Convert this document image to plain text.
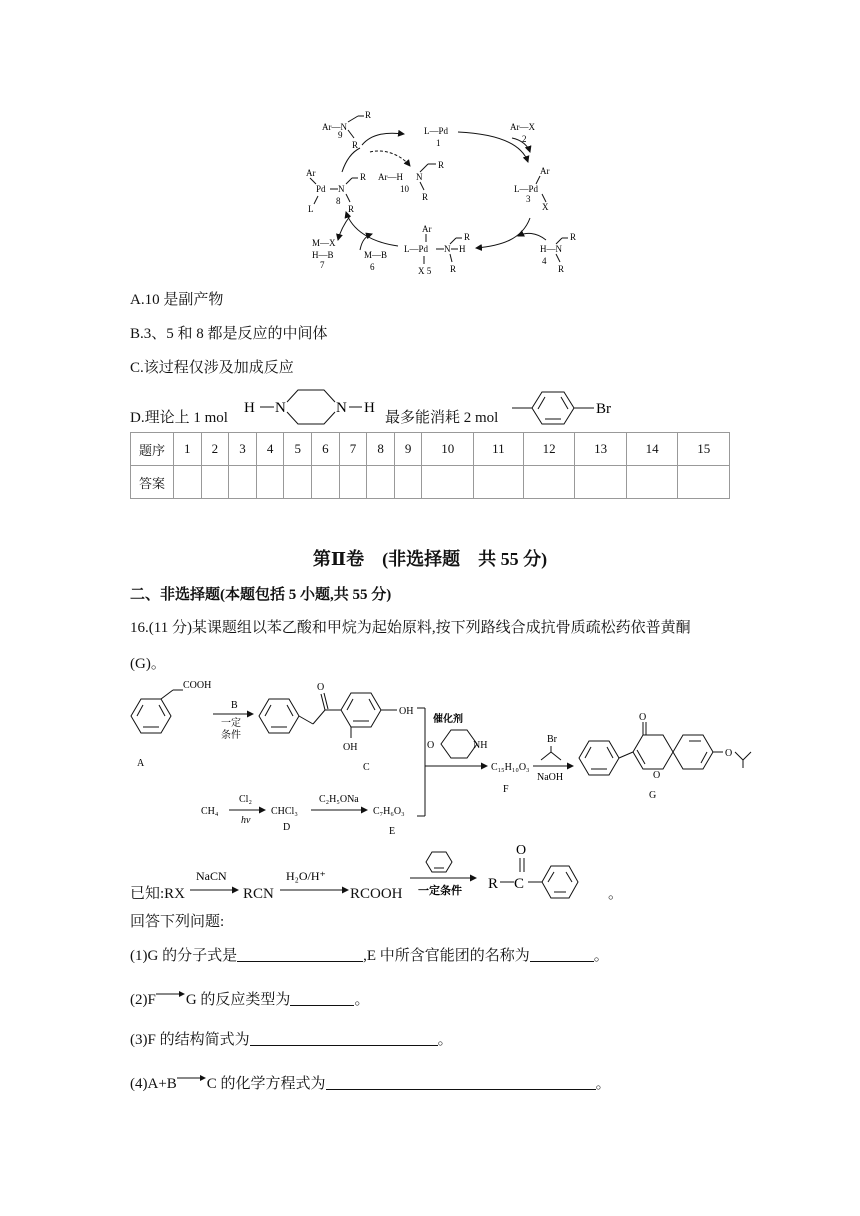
Ar—N
9
R
R
L—Pd
1
Ar—X
2
Ar
L—Pd
3
X
Ar—H N
10
R
R
Ar
Pd N
8
R
R
L
M—X
H—B
7
M—B
6
Ar
L—Pd N H
R
R
X 5
H—N
4
R
R
A.10 是副产物
B.3、5 和 8 都是反应的中间体
C.该过程仅涉及加成反应
D.理论上 1 mol
H N	N H
最多能消耗 2 mol
Br
题序	1	2	3	4	5	6	7	8	9	10	11	12	13	14	15
答案															
第Ⅱ卷　(非选择题　共 55 分)
二、非选择题(本题包括 5 小题,共 55 分)
16.(11 分)某课题组以苯乙酸和甲烷为起始原料,按下列路线合成抗骨质疏松药依普黄酮
(G)。
COOH
A
B
一定
条件
O
OH
OH
C
催化剂
O	NH
C₁₅H₁₀O₃
F
Br
NaOH
O
O
O
G
CH₄
Cl₂
hν
CHCl₃
D
C₂H₅ONa
C₇H₆O₃
E
已知:RX
NaCN
RCN
H₂O/H⁺
RCOOH 一定条件 R C
O
。
回答下列问题:
(1)G 的分子式是	,E 中所含官能团的名称为	。
(2)F→G 的反应类型为	。
(3)F 的结构简式为	。
(4)A+B→C 的化学方程式为	。
